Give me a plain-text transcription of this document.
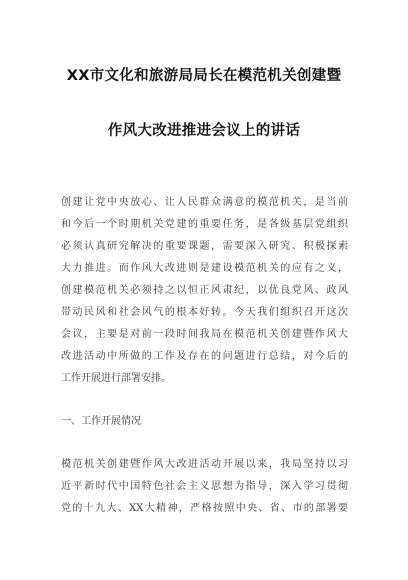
XX市文化和旅游局局长在模范机关创建暨
作风大改进推进会议上的讲话
创建让党中央放心、让人民群众满意的模范机关，是当前
和今后一个时期机关党建的重要任务，是各级基层党组织
必须认真研究解决的重要课题，需要深入研究、积极探索
大力推进。而作风大改进则是建设模范机关的应有之义，
创建模范机关必须持之以恒正风肃纪，以优良党风、政风
带动民风和社会风气的根本好转。今天我们组织召开这次
会议，主要是对前一段时间我局在模范机关创建暨作风大
改进活动中所做的工作及存在的问题进行总结，对今后的
工作开展进行部署安排。
一、工作开展情况
模范机关创建暨作风大改进活动开展以来，我局坚持以习
近平新时代中国特色社会主义思想为指导，深入学习贯彻
党的十九大、XX大精神，严格按照中央、省、市的部署要
